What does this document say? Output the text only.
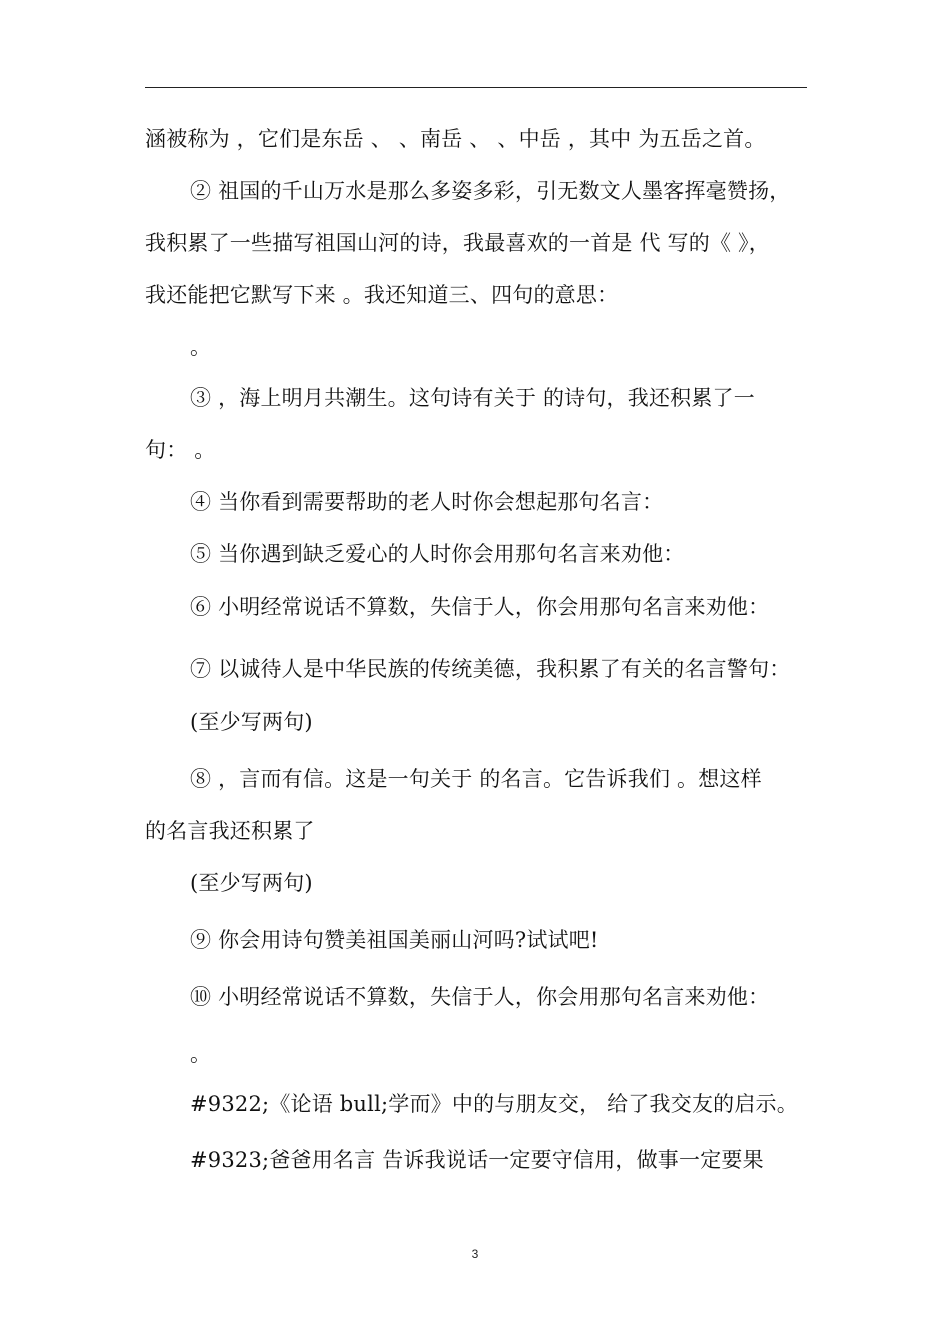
涵被称为 ，它们是东岳 、 、南岳 、 、中岳 ，其中 为五岳之首。
② 祖国的千山万水是那么多姿多彩，引无数文人墨客挥毫赞扬，
我积累了一些描写祖国山河的诗，我最喜欢的一首是 代 写的《 》，
我还能把它默写下来 。我还知道三、四句的意思：
。
③ ，海上明月共潮生。这句诗有关于 的诗句，我还积累了一
句： 。
④ 当你看到需要帮助的老人时你会想起那句名言：
⑤ 当你遇到缺乏爱心的人时你会用那句名言来劝他：
⑥ 小明经常说话不算数，失信于人，你会用那句名言来劝他：
⑦ 以诚待人是中华民族的传统美德，我积累了有关的名言警句：
(至少写两句)
⑧ ，言而有信。这是一句关于 的名言。它告诉我们 。想这样
的名言我还积累了
(至少写两句)
⑨ 你会用诗句赞美祖国美丽山河吗?试试吧!
⑩ 小明经常说话不算数，失信于人，你会用那句名言来劝他：
。
#9322;《论语 bull;学而》中的与朋友交， 给了我交友的启示。
#9323;爸爸用名言 告诉我说话一定要守信用，做事一定要果
3
